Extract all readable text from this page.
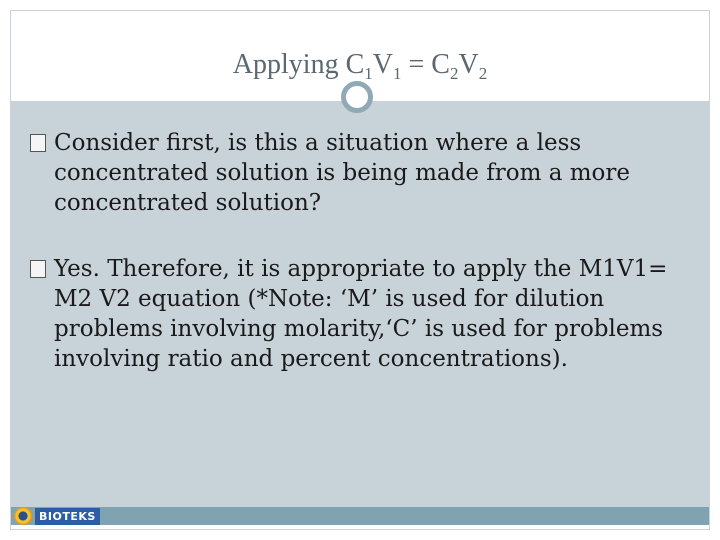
Applying $C_1V_1 = C_2V_2$
Consider first, is this a situation where a less concentrated solution is being made from a more concentrated solution?
Yes. Therefore, it is appropriate to apply the M1V1= M2 V2 equation (*Note: ‘M’ is used for dilution problems involving molarity,‘C’ is used for problems involving ratio and percent concentrations).
BIOTEKS
